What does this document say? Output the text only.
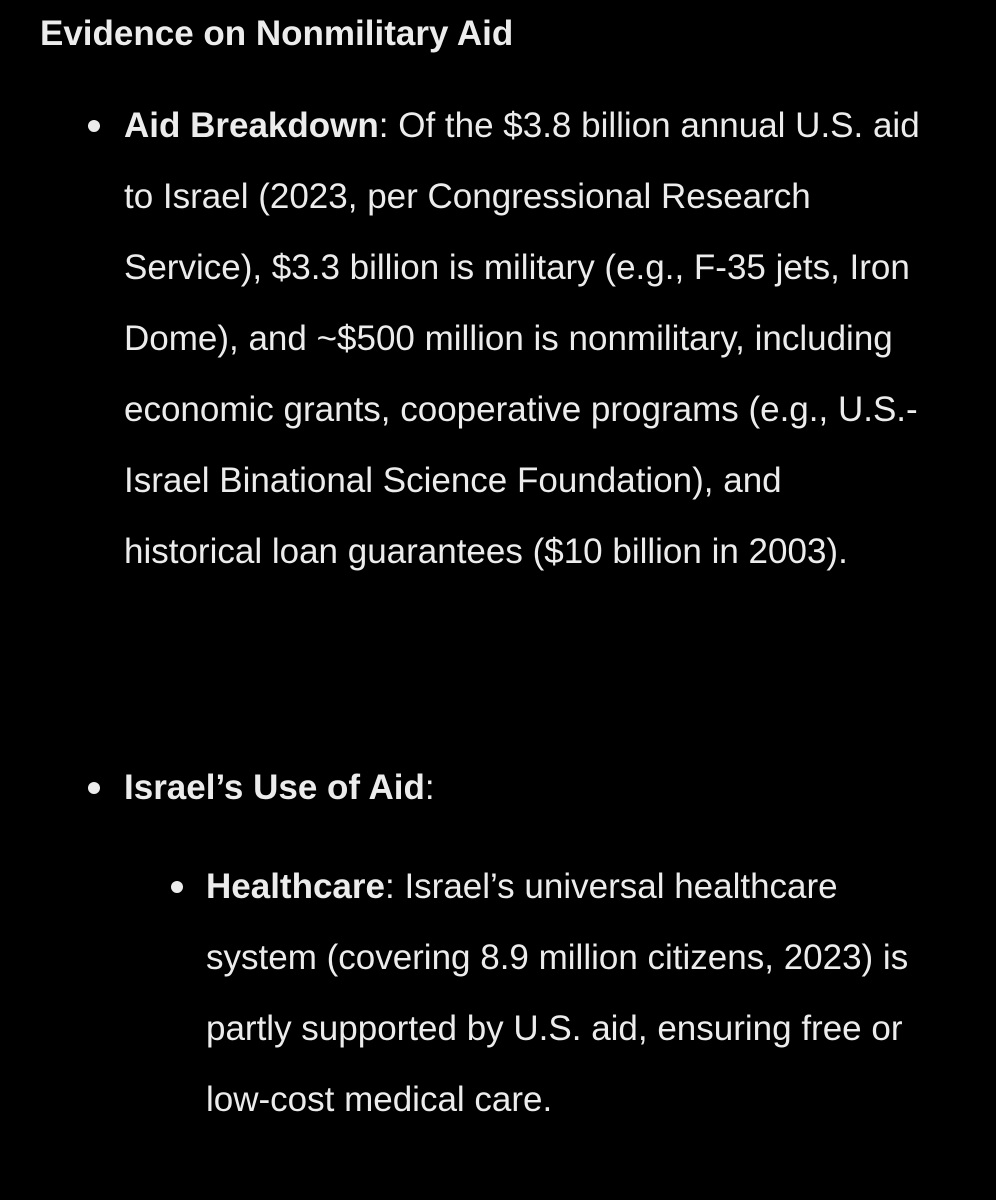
Evidence on Nonmilitary Aid
Aid Breakdown: Of the $3.8 billion annual U.S. aid to Israel (2023, per Congressional Research Service), $3.3 billion is military (e.g., F-35 jets, Iron Dome), and ~$500 million is nonmilitary, including economic grants, cooperative programs (e.g., U.S.-Israel Binational Science Foundation), and historical loan guarantees ($10 billion in 2003).
Israel’s Use of Aid:
Healthcare: Israel’s universal healthcare system (covering 8.9 million citizens, 2023) is partly supported by U.S. aid, ensuring free or low-cost medical care.
